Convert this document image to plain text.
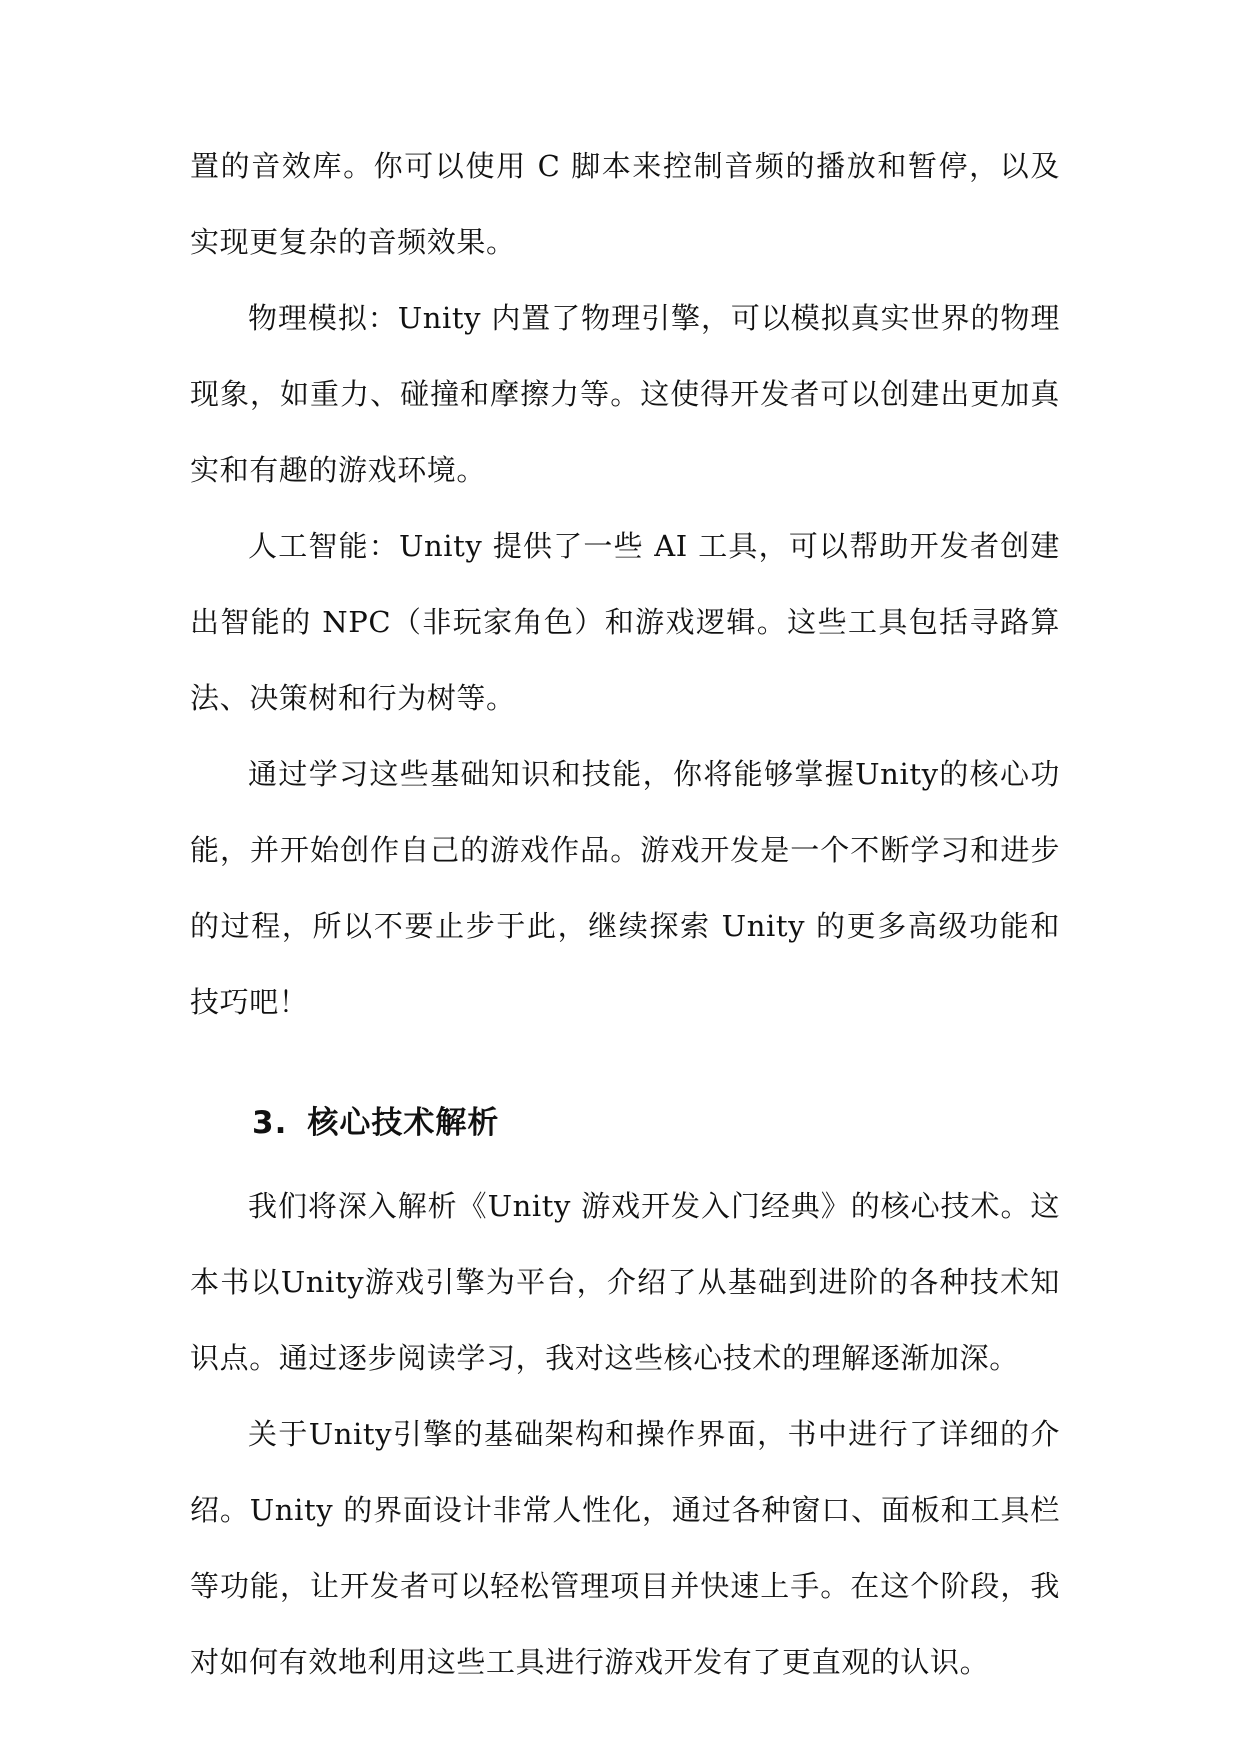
置的音效库。你可以使用 C 脚本来控制音频的播放和暂停，以及实现更复杂的音频效果。

物理模拟：Unity 内置了物理引擎，可以模拟真实世界的物理现象，如重力、碰撞和摩擦力等。这使得开发者可以创建出更加真实和有趣的游戏环境。

人工智能：Unity 提供了一些 AI 工具，可以帮助开发者创建出智能的 NPC（非玩家角色）和游戏逻辑。这些工具包括寻路算法、决策树和行为树等。

通过学习这些基础知识和技能，你将能够掌握Unity的核心功能，并开始创作自己的游戏作品。游戏开发是一个不断学习和进步的过程，所以不要止步于此，继续探索 Unity 的更多高级功能和技巧吧！

3. 核心技术解析

我们将深入解析《Unity 游戏开发入门经典》的核心技术。这本书以Unity游戏引擎为平台，介绍了从基础到进阶的各种技术知识点。通过逐步阅读学习，我对这些核心技术的理解逐渐加深。

关于Unity引擎的基础架构和操作界面，书中进行了详细的介绍。Unity 的界面设计非常人性化，通过各种窗口、面板和工具栏等功能，让开发者可以轻松管理项目并快速上手。在这个阶段，我对如何有效地利用这些工具进行游戏开发有了更直观的认识。
